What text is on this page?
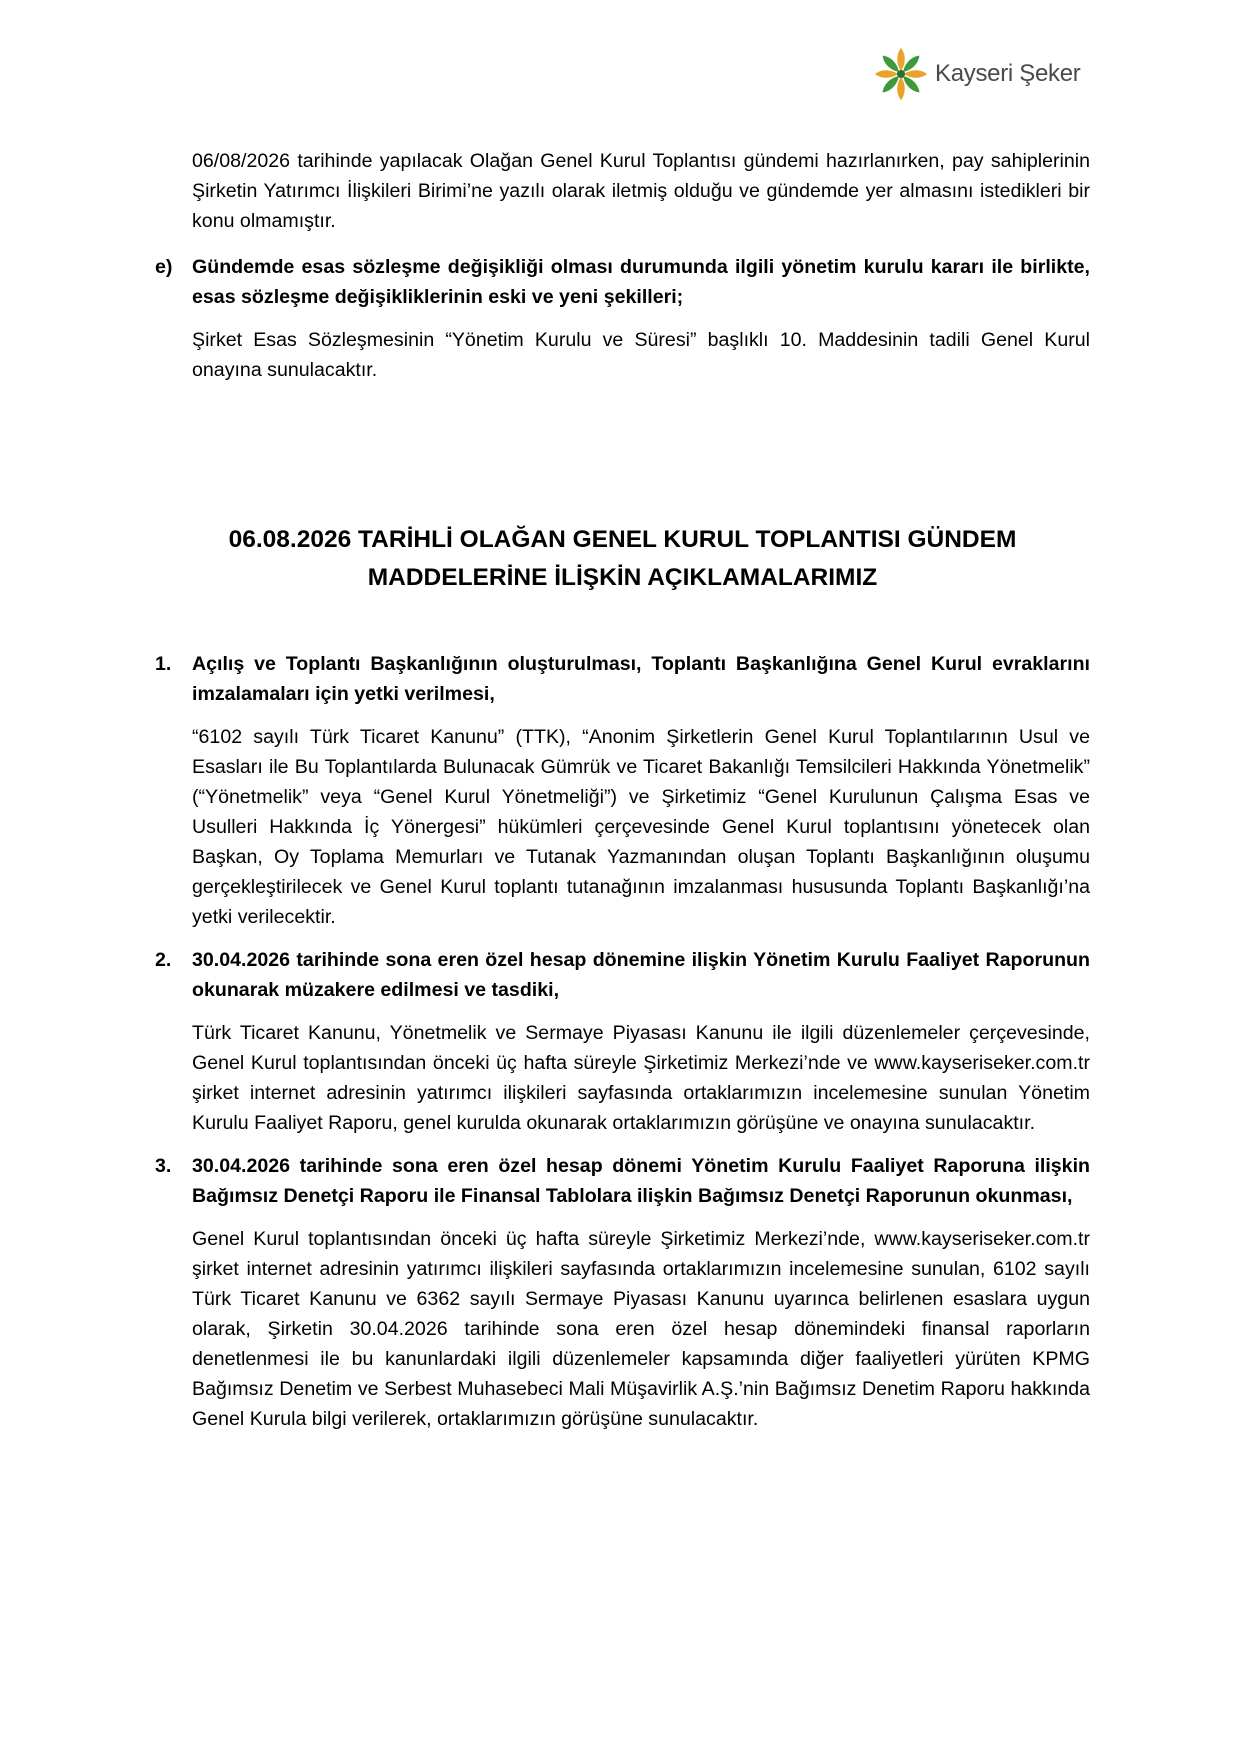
Kayseri Şeker

06/08/2026 tarihinde yapılacak Olağan Genel Kurul Toplantısı gündemi hazırlanırken, pay sahiplerinin Şirketin Yatırımcı İlişkileri Birimi’ne yazılı olarak iletmiş olduğu ve gündemde yer almasını istedikleri bir konu olmamıştır.

e) Gündemde esas sözleşme değişikliği olması durumunda ilgili yönetim kurulu kararı ile birlikte, esas sözleşme değişikliklerinin eski ve yeni şekilleri;

Şirket Esas Sözleşmesinin “Yönetim Kurulu ve Süresi” başlıklı 10. Maddesinin tadili Genel Kurul onayına sunulacaktır.

06.08.2026 TARİHLİ OLAĞAN GENEL KURUL TOPLANTISI GÜNDEM
MADDELERİNE İLİŞKİN AÇIKLAMALARIMIZ
1.	Açılış ve Toplantı Başkanlığının oluşturulması, Toplantı Başkanlığına Genel Kurul evraklarını imzalamaları için yetki verilmesi,

“6102 sayılı Türk Ticaret Kanunu” (TTK), “Anonim Şirketlerin Genel Kurul Toplantılarının Usul ve Esasları ile Bu Toplantılarda Bulunacak Gümrük ve Ticaret Bakanlığı Temsilcileri Hakkında Yönetmelik” (“Yönetmelik” veya “Genel Kurul Yönetmeliği”) ve Şirketimiz “Genel Kurulunun Çalışma Esas ve Usulleri Hakkında İç Yönergesi” hükümleri çerçevesinde Genel Kurul toplantısını yönetecek olan Başkan, Oy Toplama Memurları ve Tutanak Yazmanından oluşan Toplantı Başkanlığının oluşumu gerçekleştirilecek ve Genel Kurul toplantı tutanağının imzalanması hususunda Toplantı Başkanlığı’na yetki verilecektir.

2.	30.04.2026 tarihinde sona eren özel hesap dönemine ilişkin Yönetim Kurulu Faaliyet Raporunun okunarak müzakere edilmesi ve tasdiki,

Türk Ticaret Kanunu, Yönetmelik ve Sermaye Piyasası Kanunu ile ilgili düzenlemeler çerçevesinde, Genel Kurul toplantısından önceki üç hafta süreyle Şirketimiz Merkezi’nde ve www.kayseriseker.com.tr şirket internet adresinin yatırımcı ilişkileri sayfasında ortaklarımızın incelemesine sunulan Yönetim Kurulu Faaliyet Raporu, genel kurulda okunarak ortaklarımızın görüşüne ve onayına sunulacaktır.

3.	30.04.2026 tarihinde sona eren özel hesap dönemi Yönetim Kurulu Faaliyet Raporuna ilişkin Bağımsız Denetçi Raporu ile Finansal Tablolara ilişkin Bağımsız Denetçi Raporunun okunması,

Genel Kurul toplantısından önceki üç hafta süreyle Şirketimiz Merkezi’nde, www.kayseriseker.com.tr şirket internet adresinin yatırımcı ilişkileri sayfasında ortaklarımızın incelemesine sunulan, 6102 sayılı Türk Ticaret Kanunu ve 6362 sayılı Sermaye Piyasası Kanunu uyarınca belirlenen esaslara uygun olarak, Şirketin 30.04.2026 tarihinde sona eren özel hesap dönemindeki finansal raporların denetlenmesi ile bu kanunlardaki ilgili düzenlemeler kapsamında diğer faaliyetleri yürüten KPMG Bağımsız Denetim ve Serbest Muhasebeci Mali Müşavirlik A.Ş.’nin Bağımsız Denetim Raporu hakkında Genel Kurula bilgi verilerek, ortaklarımızın görüşüne sunulacaktır.
